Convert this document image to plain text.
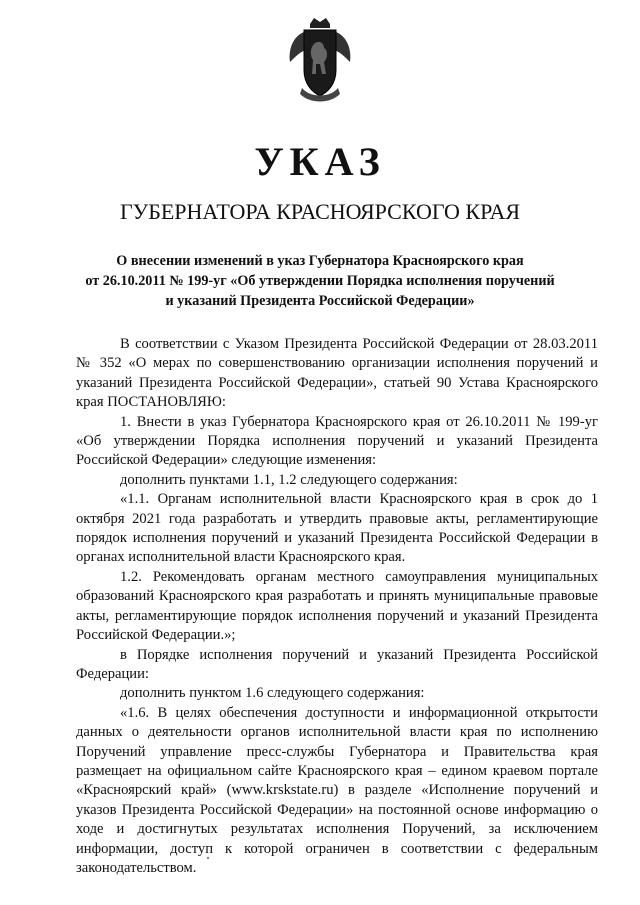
УКАЗ
ГУБЕРНАТОРА КРАСНОЯРСКОГО КРАЯ
О внесении изменений в указ Губернатора Красноярского края
от 26.10.2011 № 199-уг «Об утверждении Порядка исполнения поручений
и указаний Президента Российской Федерации»

В соответствии с Указом Президента Российской Федерации от 28.03.2011 № 352 «О мерах по совершенствованию организации исполнения поручений и указаний Президента Российской Федерации», статьей 90 Устава Красноярского края ПОСТАНОВЛЯЮ:

1. Внести в указ Губернатора Красноярского края от 26.10.2011 № 199-уг «Об утверждении Порядка исполнения поручений и указаний Президента Российской Федерации» следующие изменения:

дополнить пунктами 1.1, 1.2 следующего содержания:

«1.1. Органам исполнительной власти Красноярского края в срок до 1 октября 2021 года разработать и утвердить правовые акты, регламентирующие порядок исполнения поручений и указаний Президента Российской Федерации в органах исполнительной власти Красноярского края.

1.2. Рекомендовать органам местного самоуправления муниципальных образований Красноярского края разработать и принять муниципальные правовые акты, регламентирующие порядок исполнения поручений и указаний Президента Российской Федерации.»;

в Порядке исполнения поручений и указаний Президента Российской Федерации:

дополнить пунктом 1.6 следующего содержания:

«1.6. В целях обеспечения доступности и информационной открытости данных о деятельности органов исполнительной власти края по исполнению Поручений управление пресс-службы Губернатора и Правительства края размещает на официальном сайте Красноярского края – едином краевом портале «Красноярский край» (www.krskstate.ru) в разделе «Исполнение поручений и указов Президента Российской Федерации» на постоянной основе информацию о ходе и достигнутых результатах исполнения Поручений, за исключением информации, доступ к которой ограничен в соответствии с федеральным законодательством.
